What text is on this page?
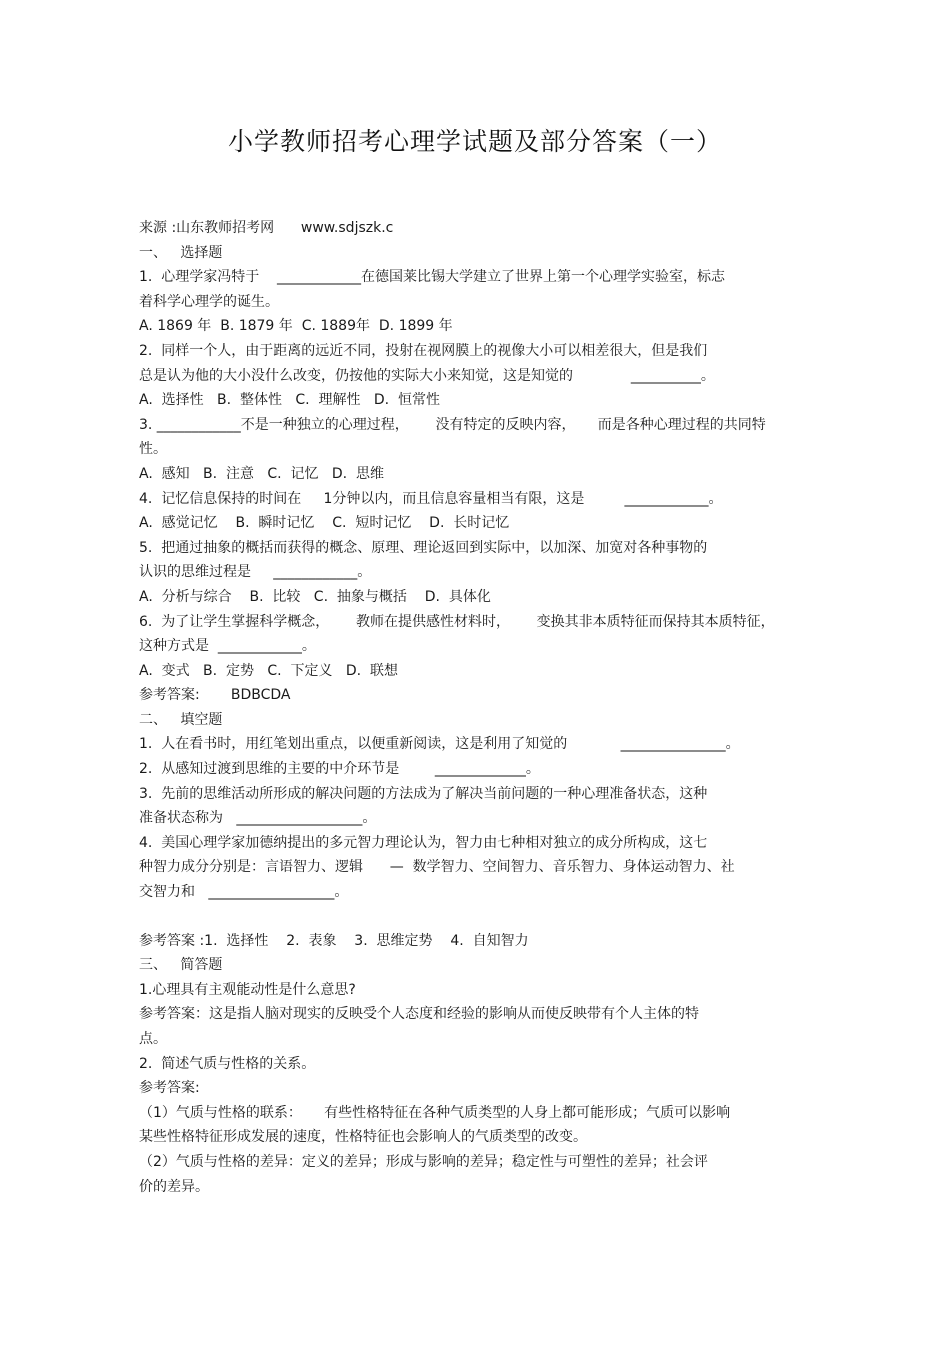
小学教师招考心理学试题及部分答案（一）
来源 :山东教师招考网      www.sdjszk.c
一、   选择题
1.  心理学家冯特于    ____________在德国莱比锡大学建立了世界上第一个心理学实验室，标志
着科学心理学的诞生。
A. 1869 年  B. 1879 年  C. 1889年  D. 1899 年
2.  同样一个人，由于距离的远近不同，投射在视网膜上的视像大小可以相差很大，但是我们
总是认为他的大小没什么改变，仍按他的实际大小来知觉，这是知觉的             __________。
A.  选择性   B.  整体性   C.  理解性   D.  恒常性
3. ____________不是一种独立的心理过程，      没有特定的反映内容，     而是各种心理过程的共同特
性。
A.  感知   B.  注意   C.  记忆   D.  思维
4.  记忆信息保持的时间在     1分钟以内，而且信息容量相当有限，这是         ____________。
A.  感觉记忆    B.  瞬时记忆    C.  短时记忆    D.  长时记忆
5.  把通过抽象的概括而获得的概念、原理、理论返回到实际中，以加深、加宽对各种事物的
认识的思维过程是     ____________。
A.  分析与综合    B.  比较   C.  抽象与概括    D.  具体化
6.  为了让学生掌握科学概念，      教师在提供感性材料时，      变换其非本质特征而保持其本质特征，
这种方式是  ____________。
A.  变式   B.  定势   C.  下定义   D.  联想
参考答案:       BDBCDA
二、   填空题
1.  人在看书时，用红笔划出重点，以便重新阅读，这是利用了知觉的            _______________。
2.  从感知过渡到思维的主要的中介环节是        _____________。
3.  先前的思维活动所形成的解决问题的方法成为了解决当前问题的一种心理准备状态，这种
准备状态称为   __________________。
4.  美国心理学家加德纳提出的多元智力理论认为，智力由七种相对独立的成分所构成，这七
种智力成分分别是：言语智力、逻辑      —  数学智力、空间智力、音乐智力、身体运动智力、社
交智力和   __________________。
参考答案 :1.  选择性    2.  表象    3.  思维定势    4.  自知智力
三、   简答题
1.心理具有主观能动性是什么意思?
参考答案：这是指人脑对现实的反映受个人态度和经验的影响从而使反映带有个人主体的特
点。
2.  简述气质与性格的关系。
参考答案:
（1）气质与性格的联系：     有些性格特征在各种气质类型的人身上都可能形成；气质可以影响
某些性格特征形成发展的速度，性格特征也会影响人的气质类型的改变。
（2）气质与性格的差异：定义的差异；形成与影响的差异；稳定性与可塑性的差异；社会评
价的差异。
